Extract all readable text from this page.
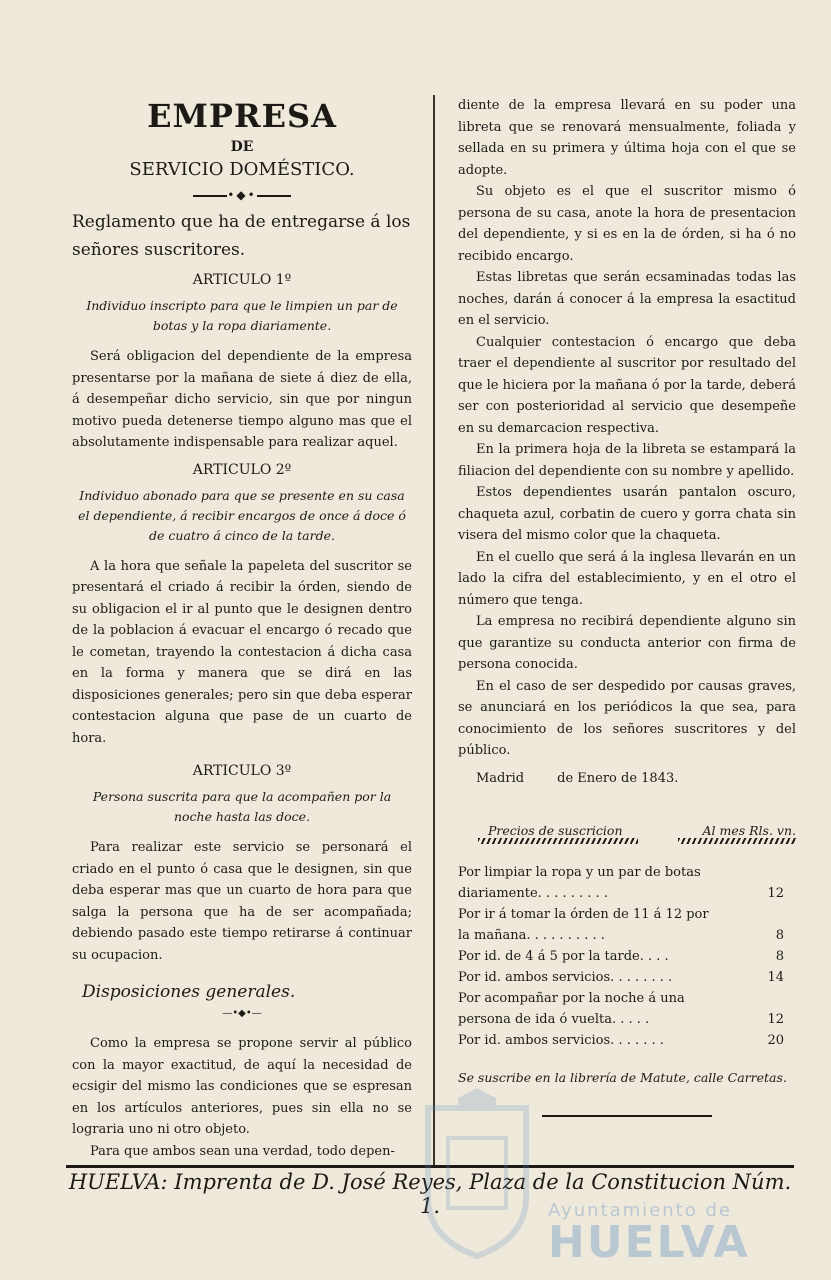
EMPRESA
DE
SERVICIO DOMÉSTICO.
•◆•

Reglamento que ha de entregarse á los señores suscritores.

ARTICULO 1º
Individuo inscripto para que le limpien un par de botas y la ropa diariamente.

Será obligacion del dependiente de la empresa presentarse por la mañana de siete á diez de ella, á desempeñar dicho servicio, sin que por ningun motivo pueda detenerse tiempo alguno mas que el absolutamente indispensable para realizar aquel.

ARTICULO 2º
Individuo abonado para que se presente en su casa el dependiente, á recibir encargos de once á doce ó de cuatro á cinco de la tarde.

A la hora que señale la papeleta del suscritor se presentará el criado á recibir la órden, siendo de su obligacion el ir al punto que le designen dentro de la poblacion á evacuar el encargo ó recado que le cometan, trayendo la contestacion á dicha casa en la forma y manera que se dirá en las disposiciones generales; pero sin que deba esperar contestacion alguna que pase de un cuarto de hora.

ARTICULO 3º
Persona suscrita para que la acompañen por la noche hasta las doce.

Para realizar este servicio se personará el criado en el punto ó casa que le designen, sin que deba esperar mas que un cuarto de hora para que salga la persona que ha de ser acompañada; debiendo pasado este tiempo retirarse á continuar su ocupacion.

Disposiciones generales.
—•◆•—

Como la empresa se propone servir al público con la mayor exactitud, de aquí la necesidad de ecsigir del mismo las condiciones que se espresan en los artículos anteriores, pues sin ella no se lograria uno ni otro objeto.

Para que ambos sean una verdad, todo depen-

diente de la empresa llevará en su poder una libreta que se renovará mensualmente, foliada y sellada en su primera y última hoja con el que se adopte.

Su objeto es el que el suscritor mismo ó persona de su casa, anote la hora de presentacion del dependiente, y si es en la de órden, si ha ó no recibido encargo.

Estas libretas que serán ecsaminadas todas las noches, darán á conocer á la empresa la esactitud en el servicio.

Cualquier contestacion ó encargo que deba traer el dependiente al suscritor por resultado del que le hiciera por la mañana ó por la tarde, deberá ser con posterioridad al servicio que desempeñe en su demarcacion respectiva.

En la primera hoja de la libreta se estampará la filiacion del dependiente con su nombre y apellido.

Estos dependientes usarán pantalon oscuro, chaqueta azul, corbatin de cuero y gorra chata sin visera del mismo color que la chaqueta.

En el cuello que será á la inglesa llevarán en un lado la cifra del establecimiento, y en el otro el número que tenga.

La empresa no recibirá dependiente alguno sin que garantize su conducta anterior con firma de persona conocida.

En el caso de ser despedido por causas graves, se anunciará en los periódicos la que sea, para conocimiento de los señores suscritores y del público.

Madrid        de Enero de 1843.

Precios de suscricion	Al mes Rls. vn.
Por limpiar la ropa y un par de botas diariamente. . . . . . . . .	12
Por ir á tomar la órden de 11 á 12 por la mañana. . . . . . . . . .	8
Por id. de 4 á 5 por la tarde. . . .	8
Por id. ambos servicios. . . . . . . .	14
Por acompañar por la noche á una persona de ida ó vuelta. . . . .	12
Por id. ambos servicios. . . . . . .	20

Se suscribe en la librería de Matute, calle Carretas.

HUELVA: Imprenta de D. José Reyes, Plaza de la Constitucion Núm. 1.	Ayuntamiento de
HUELVA
